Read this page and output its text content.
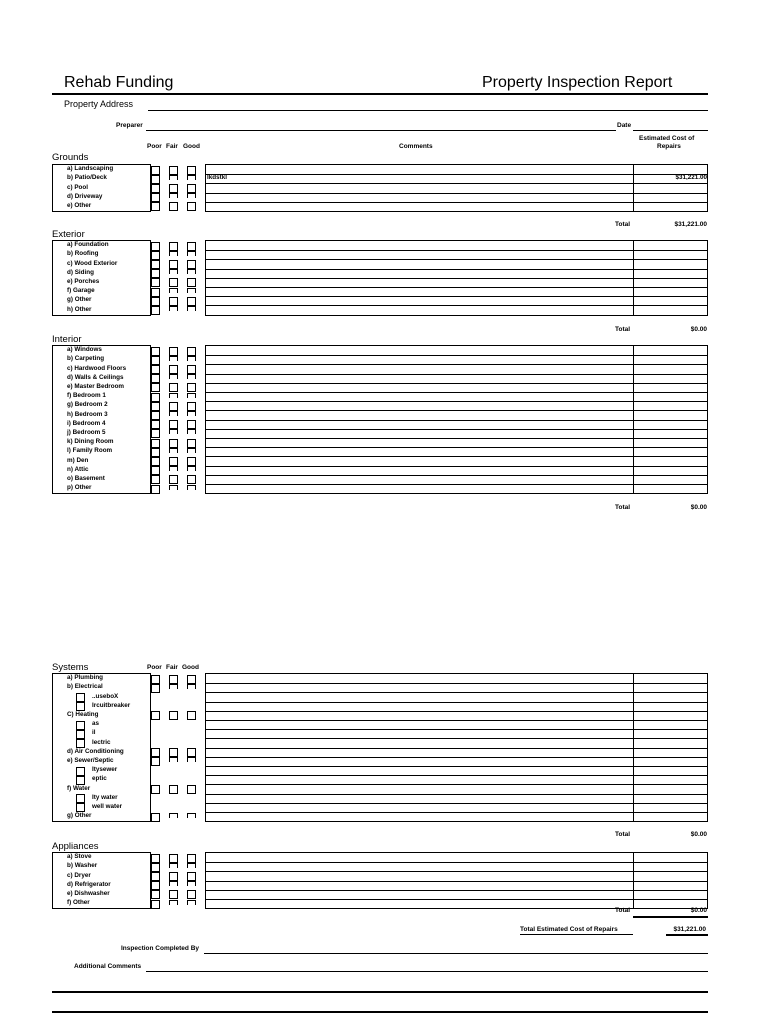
Rehab Funding	Property Inspection Report
Property Address
Preparer	Date
Poor Fair Good	Comments
Estimated Cost of
Repairs
Grounds
a) Landscaping
b) Patio/Deck	Ikdstkl	$31,221.00
c) Pool
d) Driveway
e) Other
Total	$31,221.00
Exterior
a) Foundation
b) Roofing
c) Wood Exterior
d) Siding
e) Porches
f) Garage
g) Other
h) Other
Total	$0.00
Interior
a) Windows
b) Carpeting
c) Hardwood Floors
d) Walls & Ceilings
e) Master Bedroom
f) Bedroom 1
g) Bedroom 2
h) Bedroom 3
i) Bedroom 4
j) Bedroom 5
k) Dining Room
l) Family Room
m) Den
n) Attic
o) Basement
p) Other
Total	$0.00
Systems	Poor Fair Good
a) Plumbing
b) Electrical
..useboX
Ircuitbreaker
C) Heating
as
il
lectric
d) Air Conditioning
e) Sewer/Septic
Itysewer
eptic
f) Water
Ity water
well water
g) Other
Total	$0.00
Appliances
a) Stove
b) Washer
c) Dryer
d) Refrigerator
e) Dishwasher
f) Other
Total	$0.00
Total Estimated Cost of Repairs	$31,221.00
Inspection Completed By
Additional Comments
